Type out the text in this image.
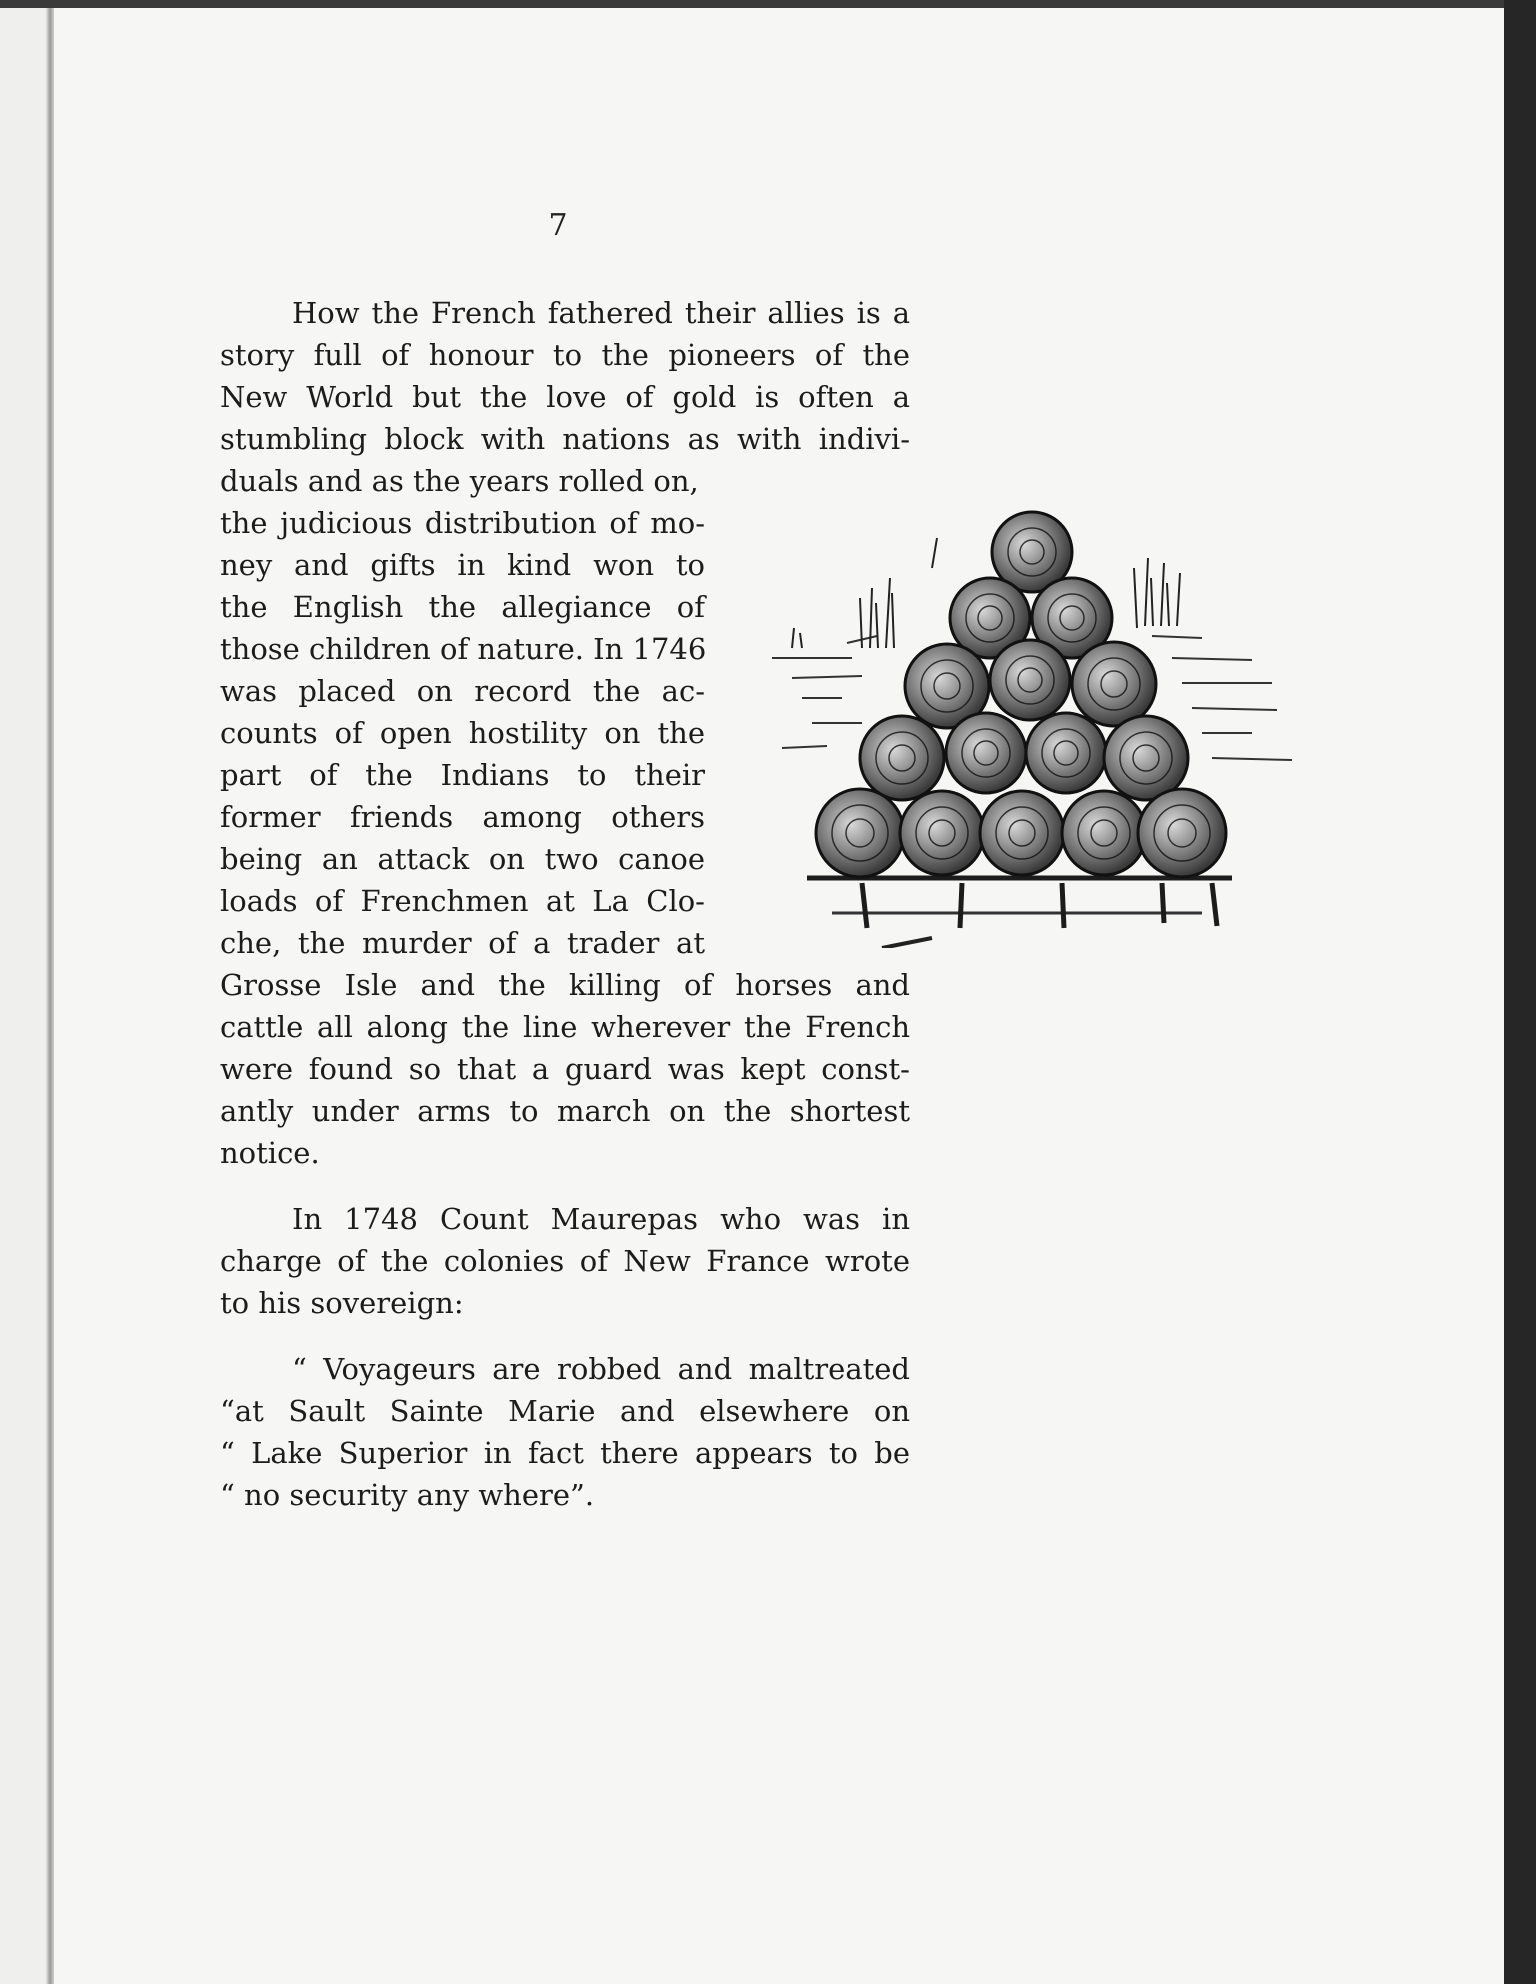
7
How the French fathered their allies is a
story full of honour to the pioneers of the
New World but the love of gold is often a
stumbling block with nations as with indivi-
duals and as the years rolled on,
the judicious distribution of mo-
ney and gifts in kind won to
the English the allegiance of
those children of nature. In 1746
was placed on record the ac-
counts of open hostility on the
part of the Indians to their
former friends among others
being an attack on two canoe
loads of Frenchmen at La Clo-
che, the murder of a trader at
Grosse Isle and the killing of horses and
cattle all along the line wherever the French
were found so that a guard was kept const-
antly under arms to march on the shortest
notice.
In 1748 Count Maurepas who was in
charge of the colonies of New France wrote
to his sovereign:
“ Voyageurs are robbed and maltreated
“at Sault Sainte Marie and elsewhere on
“ Lake Superior in fact there appears to be
“ no security any where”.
